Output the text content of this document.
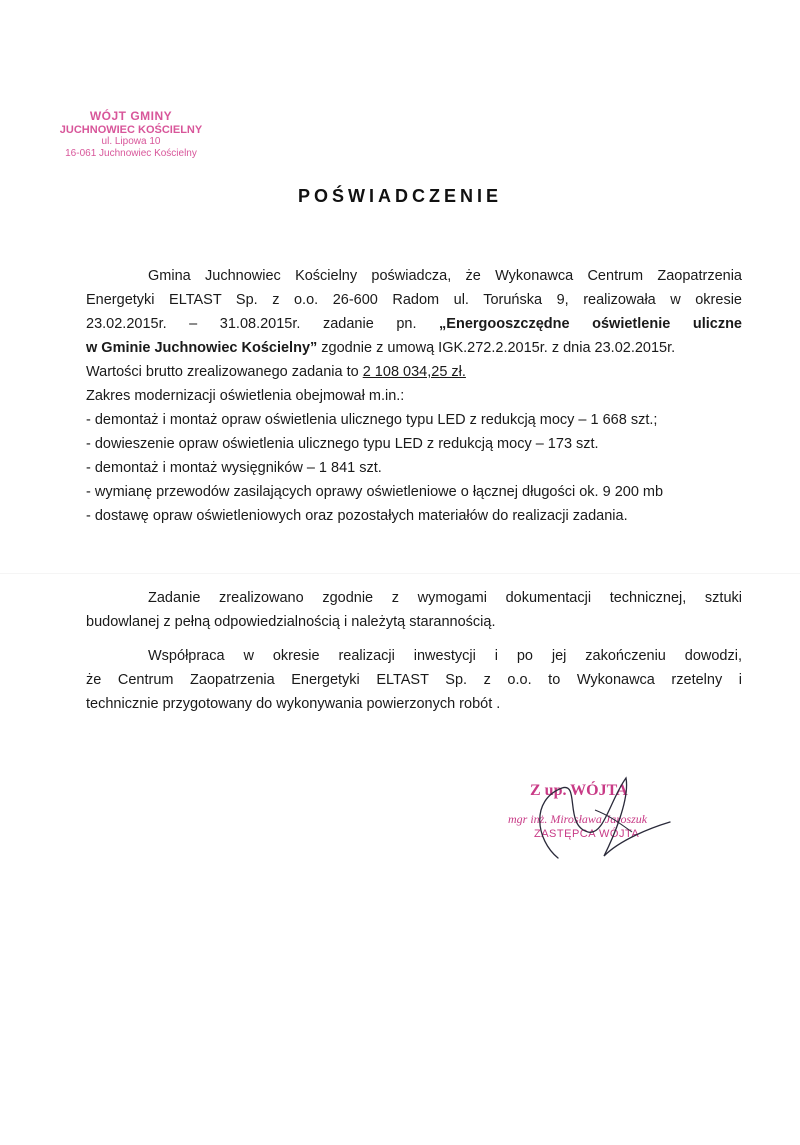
WÓJT GMINY
JUCHNOWIEC KOŚCIELNY
ul. Lipowa 10
16-061 Juchnowiec Kościelny
POŚWIADCZENIE
Gmina Juchnowiec Kościelny poświadcza, że Wykonawca Centrum Zaopatrzenia
Energetyki ELTAST Sp. z o.o. 26-600 Radom ul. Toruńska 9, realizowała w okresie
23.02.2015r. – 31.08.2015r. zadanie pn. „Energooszczędne oświetlenie uliczne
w Gminie Juchnowiec Kościelny” zgodnie z umową IGK.272.2.2015r. z dnia 23.02.2015r.
Wartości brutto zrealizowanego zadania to 2 108 034,25 zł.
Zakres modernizacji oświetlenia obejmował m.in.:
- demontaż i montaż opraw oświetlenia ulicznego typu LED z redukcją mocy – 1 668 szt.;
- dowieszenie opraw oświetlenia ulicznego typu LED z redukcją mocy – 173 szt.
- demontaż i montaż wysięgników – 1 841 szt.
- wymianę przewodów zasilających oprawy oświetleniowe o łącznej długości ok. 9 200 mb
- dostawę opraw oświetleniowych oraz pozostałych materiałów do realizacji zadania.
Zadanie zrealizowano zgodnie z wymogami dokumentacji technicznej, sztuki
budowlanej z pełną odpowiedzialnością i należytą starannością.
Współpraca w okresie realizacji inwestycji i po jej zakończeniu dowodzi,
że Centrum Zaopatrzenia Energetyki ELTAST Sp. z o.o. to Wykonawca rzetelny i
technicznie przygotowany do wykonywania powierzonych robót .
Z up. WÓJTA
mgr inż. Mirosława Jaroszuk
ZASTĘPCA WÓJTA
